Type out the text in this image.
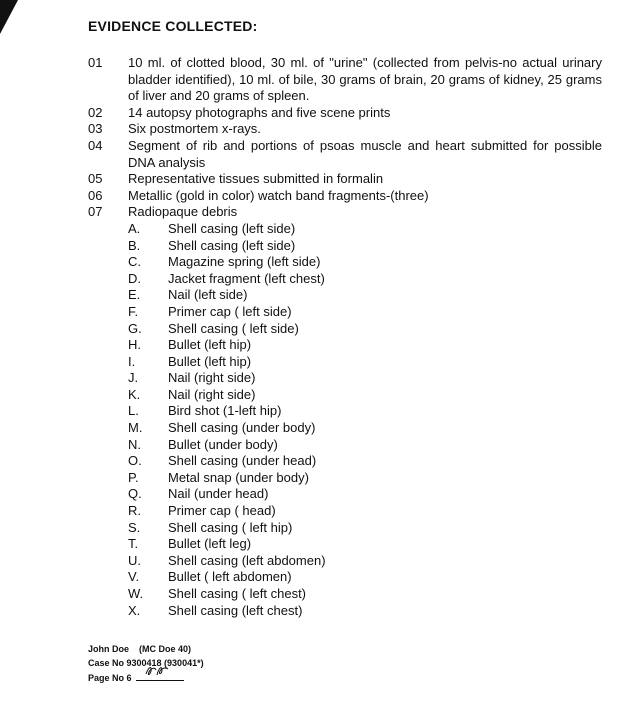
EVIDENCE COLLECTED:
01	10 ml. of clotted blood, 30 ml. of "urine" (collected from pelvis-no actual urinary bladder identified), 10 ml. of bile, 30 grams of brain, 20 grams of kidney, 25 grams of liver and 20 grams of spleen.
02	14 autopsy photographs and five scene prints
03	Six postmortem x-rays.
04	Segment of rib and portions of psoas muscle and heart submitted for possible DNA analysis
05	Representative tissues submitted in formalin
06	Metallic (gold in color) watch band fragments-(three)
07	Radiopaque debris
A.	Shell casing (left side)
B.	Shell casing (left side)
C.	Magazine spring (left side)
D.	Jacket fragment (left chest)
E.	Nail (left side)
F.	Primer cap ( left side)
G.	Shell casing ( left side)
H.	Bullet (left hip)
I.	Bullet (left hip)
J.	Nail (right side)
K.	Nail (right side)
L.	Bird shot (1-left hip)
M.	Shell casing (under body)
N.	Bullet (under body)
O.	Shell casing (under head)
P.	Metal snap (under body)
Q.	Nail (under head)
R.	Primer cap ( head)
S.	Shell casing ( left hip)
T.	Bullet (left leg)
U.	Shell casing (left abdomen)
V.	Bullet ( left abdomen)
W.	Shell casing ( left chest)
X.	Shell casing (left chest)
John Doe    (MC Doe 40)
Case No 9300418 (930041*)
Page No 6
